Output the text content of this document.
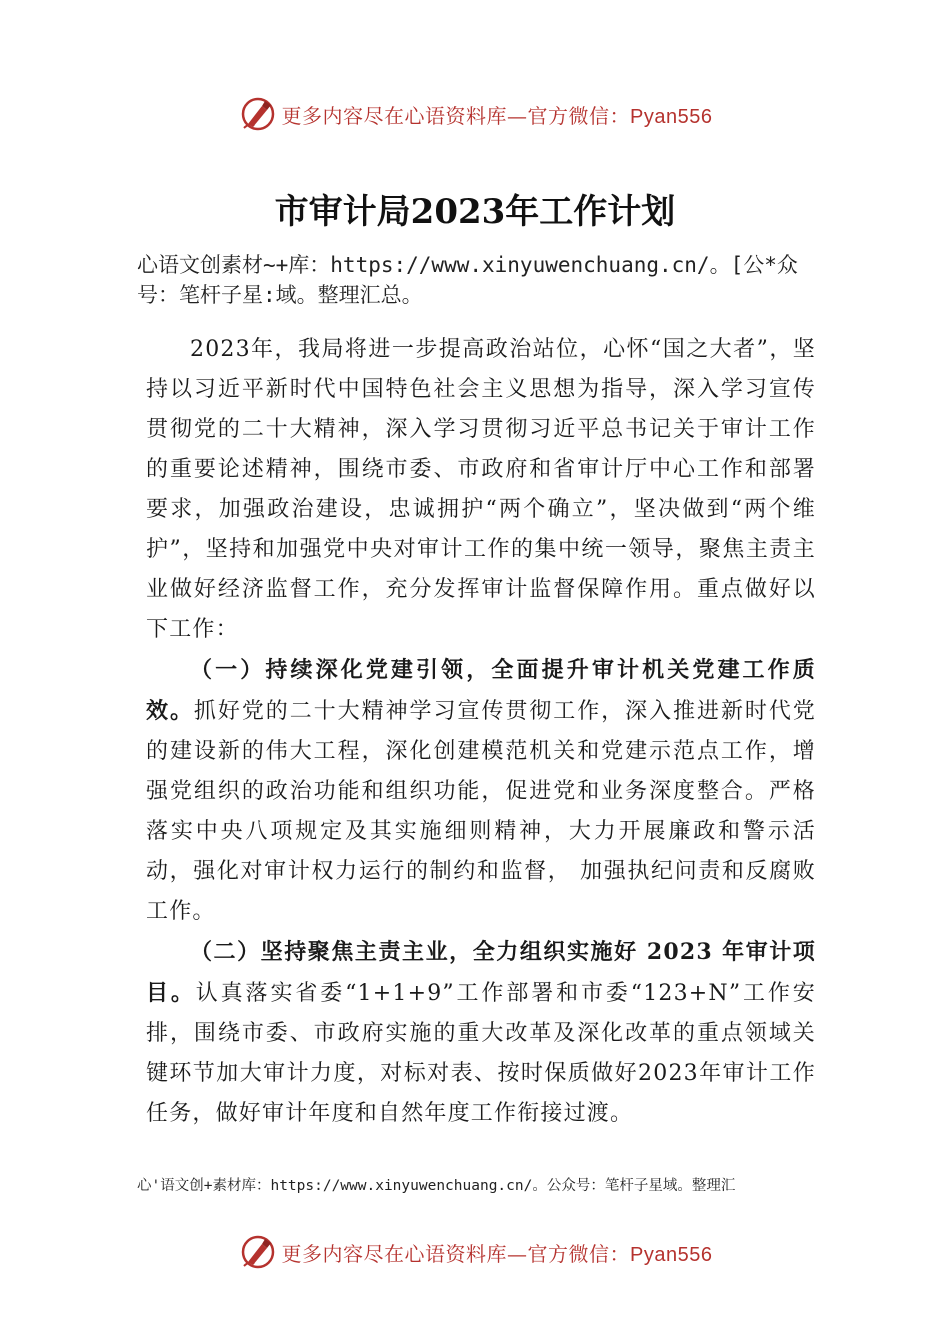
更多内容尽在心语资料库—官方微信：Pyan556
市审计局2023年工作计划
心语文创素材~+库：https://www.xinyuwenchuang.cn/。[公*众号：笔杆子星:域。整理汇总。

2023年，我局将进一步提高政治站位，心怀“国之大者”，坚持以习近平新时代中国特色社会主义思想为指导，深入学习宣传贯彻党的二十大精神，深入学习贯彻习近平总书记关于审计工作的重要论述精神，围绕市委、市政府和省审计厅中心工作和部署要求，加强政治建设，忠诚拥护“两个确立”，坚决做到“两个维护”，坚持和加强党中央对审计工作的集中统一领导，聚焦主责主业做好经济监督工作，充分发挥审计监督保障作用。重点做好以下工作：

（一）持续深化党建引领，全面提升审计机关党建工作质效。抓好党的二十大精神学习宣传贯彻工作，深入推进新时代党的建设新的伟大工程，深化创建模范机关和党建示范点工作，增强党组织的政治功能和组织功能，促进党和业务深度整合。严格落实中央八项规定及其实施细则精神，大力开展廉政和警示活动，强化对审计权力运行的制约和监督， 加强执纪问责和反腐败工作。

（二）坚持聚焦主责主业，全力组织实施好 2023 年审计项目。认真落实省委“1+1+9”工作部署和市委“123+N”工作安排，围绕市委、市政府实施的重大改革及深化改革的重点领域关键环节加大审计力度，对标对表、按时保质做好2023年审计工作任务，做好审计年度和自然年度工作衔接过渡。

心'语文创+素材库：https://www.xinyuwenchuang.cn/。公众号：笔杆子星域。整理汇
更多内容尽在心语资料库—官方微信：Pyan556
